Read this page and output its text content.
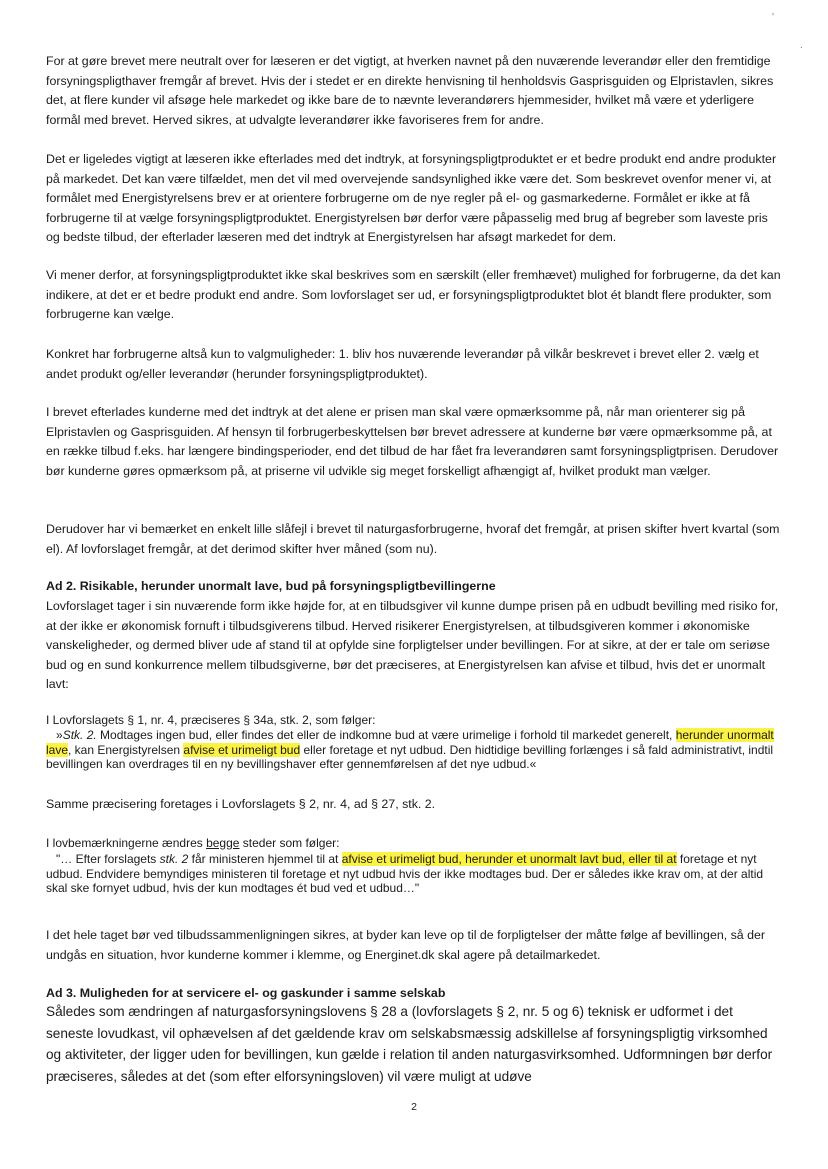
For at gøre brevet mere neutralt over for læseren er det vigtigt, at hverken navnet på den nuværende leverandør eller den fremtidige forsyningspligthaver fremgår af brevet. Hvis der i stedet er en direkte henvisning til henholdsvis Gasprisguiden og Elpristavlen, sikres det, at flere kunder vil afsøge hele markedet og ikke bare de to nævnte leverandørers hjemmesider, hvilket må være et yderligere formål med brevet. Herved sikres, at udvalgte leverandører ikke favoriseres frem for andre.

Det er ligeledes vigtigt at læseren ikke efterlades med det indtryk, at forsyningspligtproduktet er et bedre produkt end andre produkter på markedet. Det kan være tilfældet, men det vil med overvejende sandsynlighed ikke være det. Som beskrevet ovenfor mener vi, at formålet med Energistyrelsens brev er at orientere forbrugerne om de nye regler på el- og gasmarkederne. Formålet er ikke at få forbrugerne til at vælge forsyningspligtproduktet. Energistyrelsen bør derfor være påpasselig med brug af begreber som laveste pris og bedste tilbud, der efterlader læseren med det indtryk at Energistyrelsen har afsøgt markedet for dem.

Vi mener derfor, at forsyningspligtproduktet ikke skal beskrives som en særskilt (eller fremhævet) mulighed for forbrugerne, da det kan indikere, at det er et bedre produkt end andre. Som lovforslaget ser ud, er forsyningspligtproduktet blot ét blandt flere produkter, som forbrugerne kan vælge.

Konkret har forbrugerne altså kun to valgmuligheder: 1. bliv hos nuværende leverandør på vilkår beskrevet i brevet eller 2. vælg et andet produkt og/eller leverandør (herunder forsyningspligtproduktet).

I brevet efterlades kunderne med det indtryk at det alene er prisen man skal være opmærksomme på, når man orienterer sig på Elpristavlen og Gasprisguiden. Af hensyn til forbrugerbeskyttelsen bør brevet adressere at kunderne bør være opmærksomme på, at en række tilbud f.eks. har længere bindingsperioder, end det tilbud de har fået fra leverandøren samt forsyningspligtprisen. Derudover bør kunderne gøres opmærksom på, at priserne vil udvikle sig meget forskelligt afhængigt af, hvilket produkt man vælger.

Derudover har vi bemærket en enkelt lille slåfejl i brevet til naturgasforbrugerne, hvoraf det fremgår, at prisen skifter hvert kvartal (som el). Af lovforslaget fremgår, at det derimod skifter hver måned (som nu).

Ad 2. Risikable, herunder unormalt lave, bud på forsyningspligtbevillingerne

Lovforslaget tager i sin nuværende form ikke højde for, at en tilbudsgiver vil kunne dumpe prisen på en udbudt bevilling med risiko for, at der ikke er økonomisk fornuft i tilbudsgiverens tilbud. Herved risikerer Energistyrelsen, at tilbudsgiveren kommer i økonomiske vanskeligheder, og dermed bliver ude af stand til at opfylde sine forpligtelser under bevillingen. For at sikre, at der er tale om seriøse bud og en sund konkurrence mellem tilbudsgiverne, bør det præciseres, at Energistyrelsen kan afvise et tilbud, hvis det er unormalt lavt:

I Lovforslagets § 1, nr. 4, præciseres § 34a, stk. 2, som følger:

»Stk. 2. Modtages ingen bud, eller findes det eller de indkomne bud at være urimelige i forhold til markedet generelt, herunder unormalt lave, kan Energistyrelsen afvise et urimeligt bud eller foretage et nyt udbud. Den hidtidige bevilling forlænges i så fald administrativt, indtil bevillingen kan overdrages til en ny bevillingshaver efter gennemførelsen af det nye udbud.«

Samme præcisering foretages i Lovforslagets § 2, nr. 4, ad § 27, stk. 2.

I lovbemærkningerne ændres begge steder som følger:

"… Efter forslagets stk. 2 får ministeren hjemmel til at afvise et urimeligt bud, herunder et unormalt lavt bud, eller til at foretage et nyt udbud. Endvidere bemyndiges ministeren til foretage et nyt udbud hvis der ikke modtages bud. Der er således ikke krav om, at der altid skal ske fornyet udbud, hvis der kun modtages ét bud ved et udbud…"

I det hele taget bør ved tilbudssammenligningen sikres, at byder kan leve op til de forpligtelser der måtte følge af bevillingen, så der undgås en situation, hvor kunderne kommer i klemme, og Energinet.dk skal agere på detailmarkedet.

Ad 3. Muligheden for at servicere el- og gaskunder i samme selskab

Således som ændringen af naturgasforsyningslovens § 28 a (lovforslagets § 2, nr. 5 og 6) teknisk er udformet i det seneste lovudkast, vil ophævelsen af det gældende krav om selskabsmæssig adskillelse af forsyningspligtig virksomhed og aktiviteter, der ligger uden for bevillingen, kun gælde i relation til anden naturgasvirksomhed. Udformningen bør derfor præciseres, således at det (som efter elforsyningsloven) vil være muligt at udøve

2
'
.
